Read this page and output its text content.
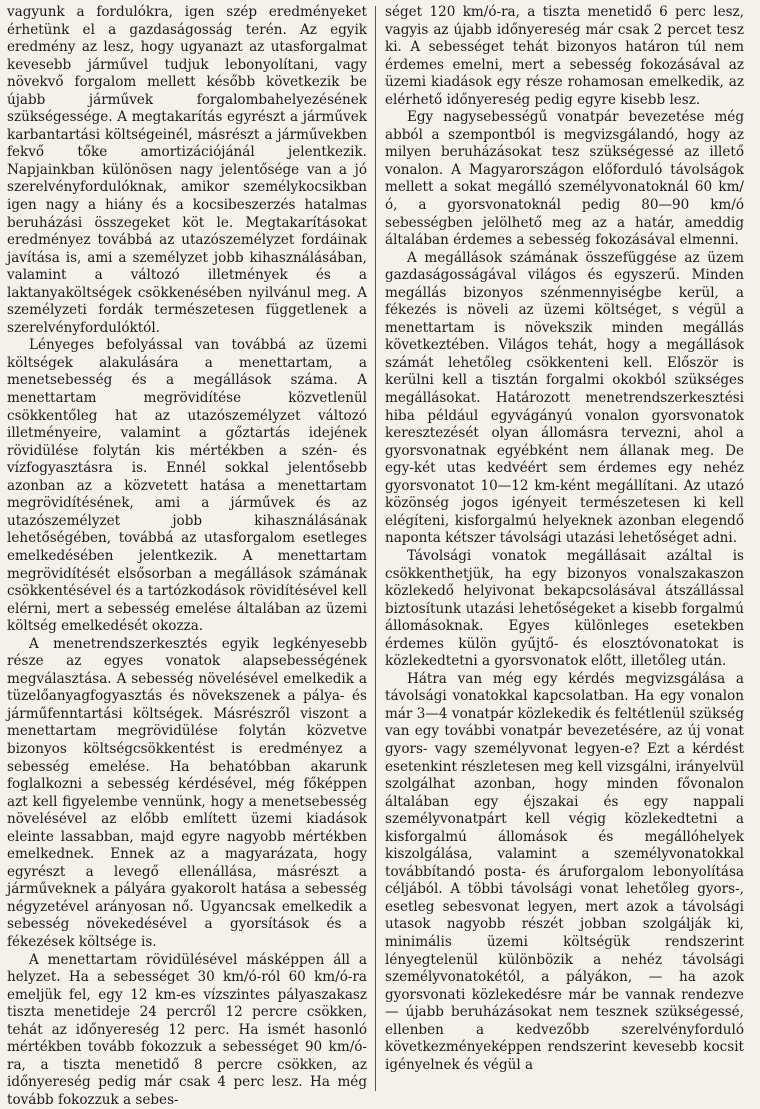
vagyunk a fordulókra, igen szép eredményeket érhetünk el a gazdaságosság terén. Az egyik eredmény az lesz, hogy ugyanazt az utasforgalmat kevesebb járművel tudjuk lebonyolítani, vagy növekvő forgalom mellett később következik be újabb járművek forgalombahelyezésének szükségessége. A megtakarítás egyrészt a járművek karbantartási költségeinél, másrészt a járművekben fekvő tőke amortizációjánál jelentkezik. Napjainkban különösen nagy jelentősége van a jó szerelvényfordulóknak, amikor személykocsikban igen nagy a hiány és a kocsibeszerzés hatalmas beruházási összegeket köt le. Megtakarításokat eredményez továbbá az utazószemélyzet fordáinak javítása is, ami a személyzet jobb kihasználásában, valamint a változó illetmények és a laktanyaköltségek csökkenésében nyilvánul meg. A személyzeti fordák természetesen függetlenek a szerelvényfordulóktól.

Lényeges befolyással van továbbá az üzemi költségek alakulására a menettartam, a menetsebesség és a megállások száma. A menettartam megrövidítése közvetlenül csökkentőleg hat az utazószemélyzet változó illetményeire, valamint a gőztartás idejének rövidülése folytán kis mértékben a szén- és vízfogyasztásra is. Ennél sokkal jelentősebb azonban az a közvetett hatása a menettartam megrövidítésének, ami a járművek és az utazószemélyzet jobb kihasználásának lehetőségében, továbbá az utasforgalom esetleges emelkedésében jelentkezik. A menettartam megrövidítését elsősorban a megállások számának csökkentésével és a tartózkodások rövidítésével kell elérni, mert a sebesség emelése általában az üzemi költség emelkedését okozza.

A menetrendszerkesztés egyik legkényesebb része az egyes vonatok alapsebességének megválasztása. A sebesség növelésével emelkedik a tüzelőanyagfogyasztás és növekszenek a pálya- és járműfenntartási költségek. Másrészről viszont a menettartam megrövidülése folytán közvetve bizonyos költségcsökkentést is eredményez a sebesség emelése. Ha behatóbban akarunk foglalkozni a sebesség kérdésével, még főképpen azt kell figyelembe vennünk, hogy a menetsebesség növelésével az előbb említett üzemi kiadások eleinte lassabban, majd egyre nagyobb mértékben emelkednek. Ennek az a magyarázata, hogy egyrészt a levegő ellenállása, másrészt a járműveknek a pályára gyakorolt hatása a sebesség négyzetével arányosan nő. Ugyancsak emelkedik a sebesség növekedésével a gyorsítások és a fékezések költsége is.

A menettartam rövidülésével másképpen áll a helyzet. Ha a sebességet 30 km/ó-ról 60 km/ó-ra emeljük fel, egy 12 km-es vízszintes pályaszakasz tiszta menetideje 24 percről 12 percre csökken, tehát az időnyereség 12 perc. Ha ismét hasonló mértékben tovább fokozzuk a sebességet 90 km/ó-ra, a tiszta menetidő 8 percre csökken, az időnyereség pedig már csak 4 perc lesz. Ha még tovább fokozzuk a sebes-

séget 120 km/ó-ra, a tiszta menetidő 6 perc lesz, vagyis az újabb időnyereség már csak 2 percet tesz ki. A sebességet tehát bizonyos határon túl nem érdemes emelni, mert a sebesség fokozásával az üzemi kiadások egy része rohamosan emelkedik, az elérhető időnyereség pedig egyre kisebb lesz.

Egy nagysebességű vonatpár bevezetése még abból a szempontból is megvizsgálandó, hogy az milyen beruházásokat tesz szükségessé az illető vonalon. A Magyarországon előforduló távolságok mellett a sokat megálló személyvonatoknál 60 km/ó, a gyorsvonatoknál pedig 80—90 km/ó sebességben jelölhető meg az a határ, ameddig általában érdemes a sebesség fokozásával elmenni.

A megállások számának összefüggése az üzem gazdaságosságával világos és egyszerű. Minden megállás bizonyos szénmennyiségbe kerül, a fékezés is növeli az üzemi költséget, s végül a menettartam is növekszik minden megállás következtében. Világos tehát, hogy a megállások számát lehetőleg csökkenteni kell. Először is kerülni kell a tisztán forgalmi okokból szükséges megállásokat. Határozott menetrendszerkesztési hiba például egyvágányú vonalon gyorsvonatok keresztezését olyan állomásra tervezni, ahol a gyorsvonatnak egyébként nem állanak meg. De egy-két utas kedvéért sem érdemes egy nehéz gyorsvonatot 10—12 km-ként megállítani. Az utazó közönség jogos igényeit természetesen ki kell elégíteni, kisforgalmú helyeknek azonban elegendő naponta kétszer távolsági utazási lehetőséget adni.

Távolsági vonatok megállásait azáltal is csökkenthetjük, ha egy bizonyos vonalszakaszon közlekedő helyivonat bekapcsolásával átszállással biztosítunk utazási lehetőségeket a kisebb forgalmú állomásoknak. Egyes különleges esetekben érdemes külön gyűjtő- és elosztóvonatokat is közlekedtetni a gyorsvonatok előtt, illetőleg után.

Hátra van még egy kérdés megvizsgálása a távolsági vonatokkal kapcsolatban. Ha egy vonalon már 3—4 vonatpár közlekedik és feltétlenül szükség van egy további vonatpár bevezetésére, az új vonat gyors- vagy személyvonat legyen-e? Ezt a kérdést esetenkint részletesen meg kell vizsgálni, irányelvül szolgálhat azonban, hogy minden fővonalon általában egy éjszakai és egy nappali személyvonatpárt kell végig közlekedtetni a kisforgalmú állomások és megállóhelyek kiszolgálása, valamint a személyvonatokkal továbbítandó posta- és áruforgalom lebonyolítása céljából. A többi távolsági vonat lehetőleg gyors-, esetleg sebesvonat legyen, mert azok a távolsági utasok nagyobb részét jobban szolgálják ki, minimális üzemi költségük rendszerint lényegtelenül különbözik a nehéz távolsági személyvonatokétól, a pályákon, — ha azok gyorsvonati közlekedésre már be vannak rendezve — újabb beruházásokat nem tesznek szükségessé, ellenben a kedvezőbb szerelvényforduló következményeképpen rendszerint kevesebb kocsit igényelnek és végül a
